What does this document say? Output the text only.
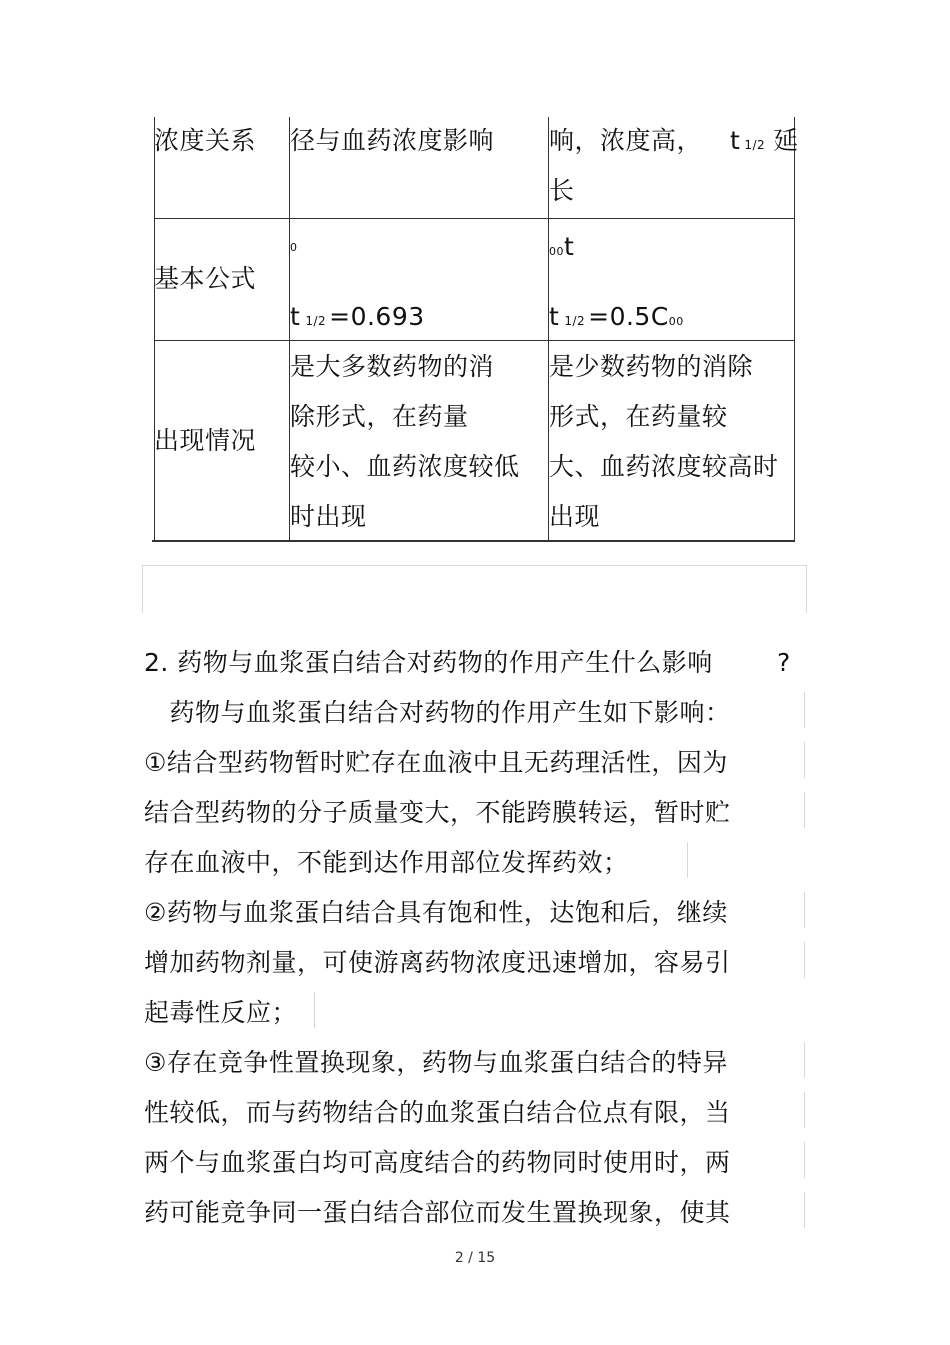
浓度关系 径与血药浓度影响 响，浓度高， t 1/2 延
长
基本公式
0
t 1/2 =0.693
00t
t 1/2 =0.5C00
出现情况
是大多数药物的消
除形式，在药量
较小、血药浓度较低
时出现
是少数药物的消除
形式，在药量较
大、血药浓度较高时
出现
2. 药物与血浆蛋白结合对药物的作用产生什么影响	?
　药物与血浆蛋白结合对药物的作用产生如下影响：
①结合型药物暂时贮存在血液中且无药理活性，因为
结合型药物的分子质量变大，不能跨膜转运，暂时贮
存在血液中，不能到达作用部位发挥药效；
②药物与血浆蛋白结合具有饱和性，达饱和后，继续
增加药物剂量，可使游离药物浓度迅速增加，容易引
起毒性反应；
③存在竞争性置换现象，药物与血浆蛋白结合的特异
性较低，而与药物结合的血浆蛋白结合位点有限，当
两个与血浆蛋白均可高度结合的药物同时使用时，两
药可能竞争同一蛋白结合部位而发生置换现象，使其
2 / 15
